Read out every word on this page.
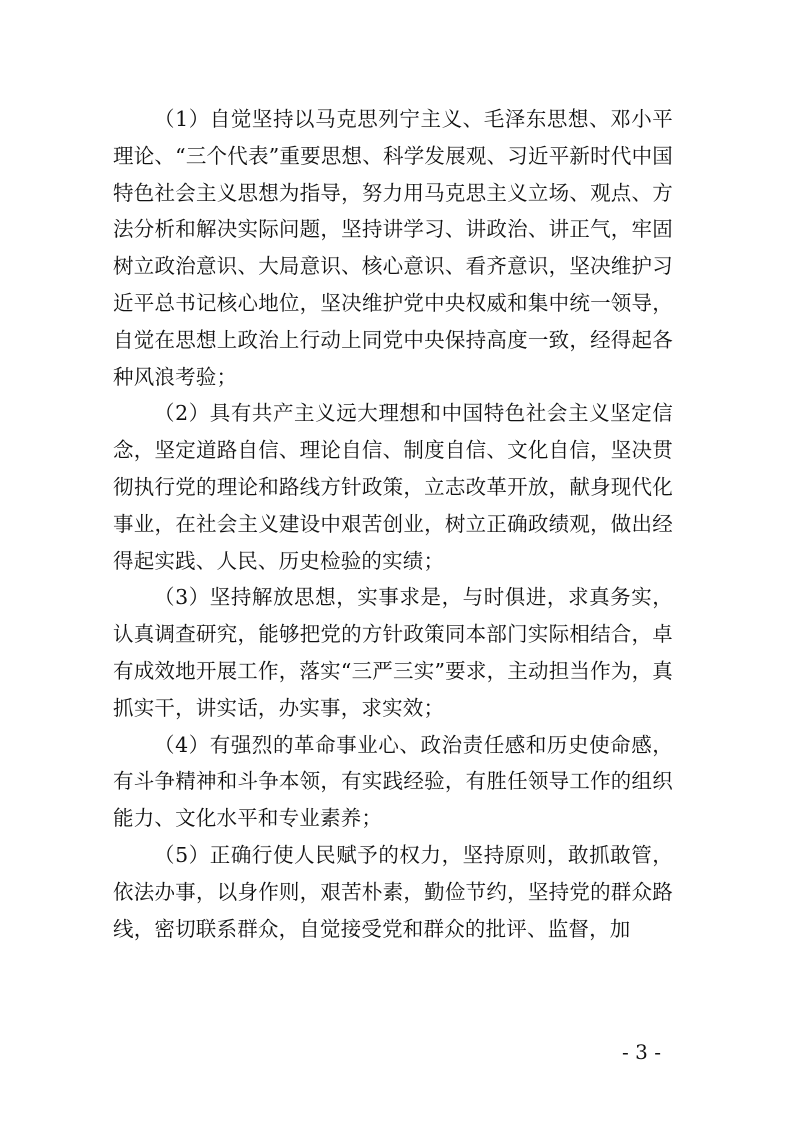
（1）自觉坚持以马克思列宁主义、毛泽东思想、邓小平理论、“三个代表”重要思想、科学发展观、习近平新时代中国特色社会主义思想为指导，努力用马克思主义立场、观点、方法分析和解决实际问题，坚持讲学习、讲政治、讲正气，牢固树立政治意识、大局意识、核心意识、看齐意识，坚决维护习近平总书记核心地位，坚决维护党中央权威和集中统一领导，自觉在思想上政治上行动上同党中央保持高度一致，经得起各种风浪考验；

（2）具有共产主义远大理想和中国特色社会主义坚定信念，坚定道路自信、理论自信、制度自信、文化自信，坚决贯彻执行党的理论和路线方针政策，立志改革开放，献身现代化事业，在社会主义建设中艰苦创业，树立正确政绩观，做出经得起实践、人民、历史检验的实绩；

（3）坚持解放思想，实事求是，与时俱进，求真务实，认真调查研究，能够把党的方针政策同本部门实际相结合，卓有成效地开展工作，落实“三严三实”要求，主动担当作为，真抓实干，讲实话，办实事，求实效；

（4）有强烈的革命事业心、政治责任感和历史使命感，有斗争精神和斗争本领，有实践经验，有胜任领导工作的组织能力、文化水平和专业素养；

（5）正确行使人民赋予的权力，坚持原则，敢抓敢管，依法办事，以身作则，艰苦朴素，勤俭节约，坚持党的群众路线，密切联系群众，自觉接受党和群众的批评、监督，加

- 3 -
